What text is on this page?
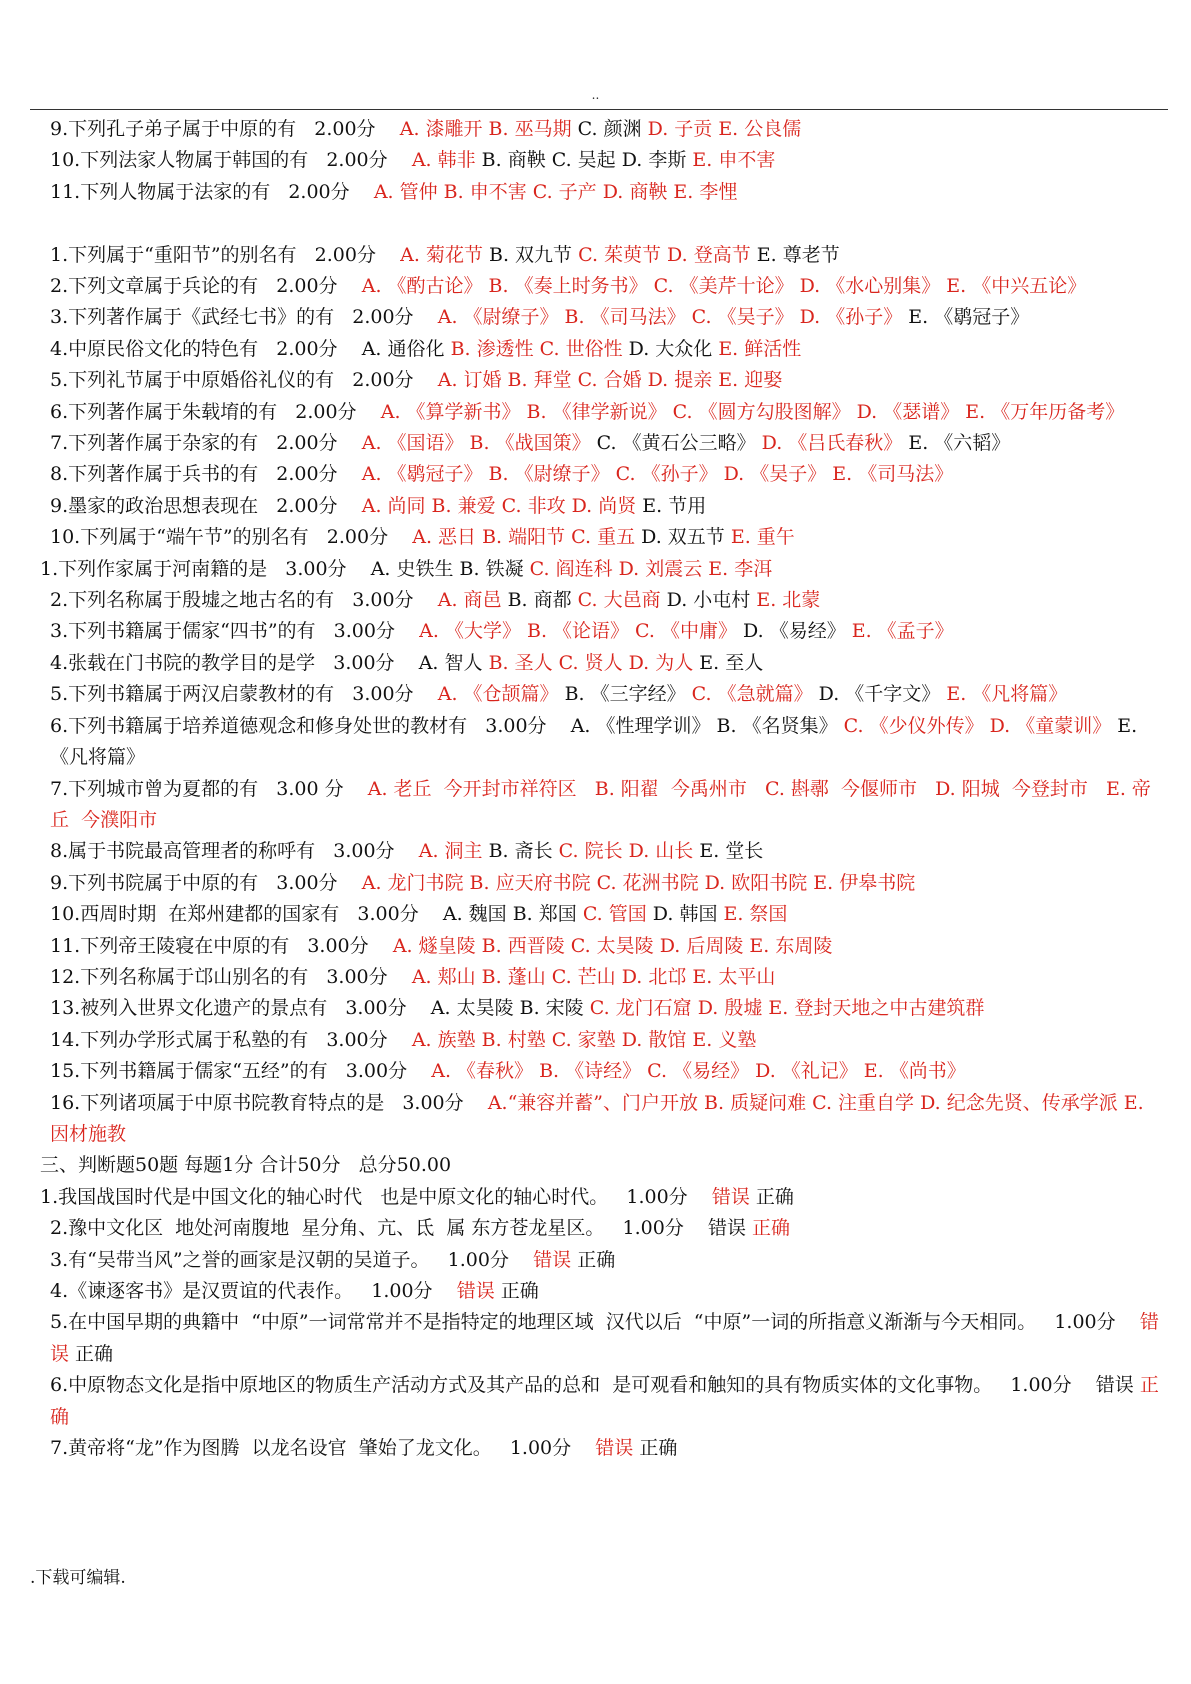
..
9.下列孔子弟子属于中原的有   2.00分    A. 漆雕开 B. 巫马期 C. 颜渊 D. 子贡 E. 公良儒
10.下列法家人物属于韩国的有   2.00分    A. 韩非 B. 商鞅 C. 吴起 D. 李斯 E. 申不害
11.下列人物属于法家的有   2.00分    A. 管仲 B. 申不害 C. 子产 D. 商鞅 E. 李悝
1.下列属于“重阳节”的别名有   2.00分    A. 菊花节 B. 双九节 C. 茱萸节 D. 登高节 E. 尊老节
2.下列文章属于兵论的有   2.00分    A. 《酌古论》 B. 《奏上时务书》 C. 《美芹十论》 D. 《水心别集》 E. 《中兴五论》
3.下列著作属于《武经七书》的有   2.00分    A. 《尉缭子》 B. 《司马法》 C. 《吴子》 D. 《孙子》 E. 《鹖冠子》
4.中原民俗文化的特色有   2.00分    A. 通俗化 B. 渗透性 C. 世俗性 D. 大众化 E. 鲜活性
5.下列礼节属于中原婚俗礼仪的有   2.00分    A. 订婚 B. 拜堂 C. 合婚 D. 提亲 E. 迎娶
6.下列著作属于朱载堉的有   2.00分    A. 《算学新书》 B. 《律学新说》 C. 《圆方勾股图解》 D. 《瑟谱》 E. 《万年历备考》
7.下列著作属于杂家的有   2.00分    A. 《国语》 B. 《战国策》 C. 《黄石公三略》 D. 《吕氏春秋》 E. 《六韬》
8.下列著作属于兵书的有   2.00分    A. 《鹖冠子》 B. 《尉缭子》 C. 《孙子》 D. 《吴子》 E. 《司马法》
9.墨家的政治思想表现在   2.00分    A. 尚同 B. 兼爱 C. 非攻 D. 尚贤 E. 节用
10.下列属于“端午节”的别名有   2.00分    A. 恶日 B. 端阳节 C. 重五 D. 双五节 E. 重午
1.下列作家属于河南籍的是   3.00分    A. 史铁生 B. 铁凝 C. 阎连科 D. 刘震云 E. 李洱
2.下列名称属于殷墟之地古名的有   3.00分    A. 商邑 B. 商都 C. 大邑商 D. 小屯村 E. 北蒙
3.下列书籍属于儒家“四书”的有   3.00分    A. 《大学》 B. 《论语》 C. 《中庸》 D. 《易经》 E. 《孟子》
4.张载在门书院的教学目的是学   3.00分    A. 智人 B. 圣人 C. 贤人 D. 为人 E. 至人
5.下列书籍属于两汉启蒙教材的有   3.00分    A. 《仓颉篇》 B. 《三字经》 C. 《急就篇》 D. 《千字文》 E. 《凡将篇》
6.下列书籍属于培养道德观念和修身处世的教材有   3.00分    A. 《性理学训》 B. 《名贤集》 C. 《少仪外传》 D. 《童蒙训》 E. 《凡将篇》
7.下列城市曾为夏都的有   3.00 分    A. 老丘  今开封市祥符区   B. 阳翟  今禹州市   C. 斟鄩  今偃师市   D. 阳城  今登封市   E. 帝丘  今濮阳市
8.属于书院最高管理者的称呼有   3.00分    A. 洞主 B. 斋长 C. 院长 D. 山长 E. 堂长
9.下列书院属于中原的有   3.00分    A. 龙门书院 B. 应天府书院 C. 花洲书院 D. 欧阳书院 E. 伊皋书院
10.西周时期  在郑州建都的国家有   3.00分    A. 魏国 B. 郑国 C. 管国 D. 韩国 E. 祭国
11.下列帝王陵寝在中原的有   3.00分    A. 燧皇陵 B. 西晋陵 C. 太昊陵 D. 后周陵 E. 东周陵
12.下列名称属于邙山别名的有   3.00分    A. 郏山 B. 蓬山 C. 芒山 D. 北邙 E. 太平山
13.被列入世界文化遗产的景点有   3.00分    A. 太昊陵 B. 宋陵 C. 龙门石窟 D. 殷墟 E. 登封天地之中古建筑群
14.下列办学形式属于私塾的有   3.00分    A. 族塾 B. 村塾 C. 家塾 D. 散馆 E. 义塾
15.下列书籍属于儒家“五经”的有   3.00分    A. 《春秋》 B. 《诗经》 C. 《易经》 D. 《礼记》 E. 《尚书》
16.下列诸项属于中原书院教育特点的是   3.00分    A.“兼容并蓄”、门户开放 B. 质疑问难 C. 注重自学 D. 纪念先贤、传承学派 E. 因材施教
三、判断题50题 每题1分 合计50分   总分50.00
1.我国战国时代是中国文化的轴心时代   也是中原文化的轴心时代。   1.00分    错误 正确
2.豫中文化区  地处河南腹地  星分角、亢、氐  属 东方苍龙星区。   1.00分    错误 正确
3.有“吴带当风”之誉的画家是汉朝的吴道子。   1.00分    错误 正确
4.《谏逐客书》是汉贾谊的代表作。   1.00分    错误 正确
5.在中国早期的典籍中  “中原”一词常常并不是指特定的地理区域  汉代以后  “中原”一词的所指意义渐渐与今天相同。   1.00分    错误 正确
6.中原物态文化是指中原地区的物质生产活动方式及其产品的总和  是可观看和触知的具有物质实体的文化事物。   1.00分    错误 正确
7.黄帝将“龙”作为图腾  以龙名设官  肇始了龙文化。   1.00分    错误 正确
.下载可编辑.
